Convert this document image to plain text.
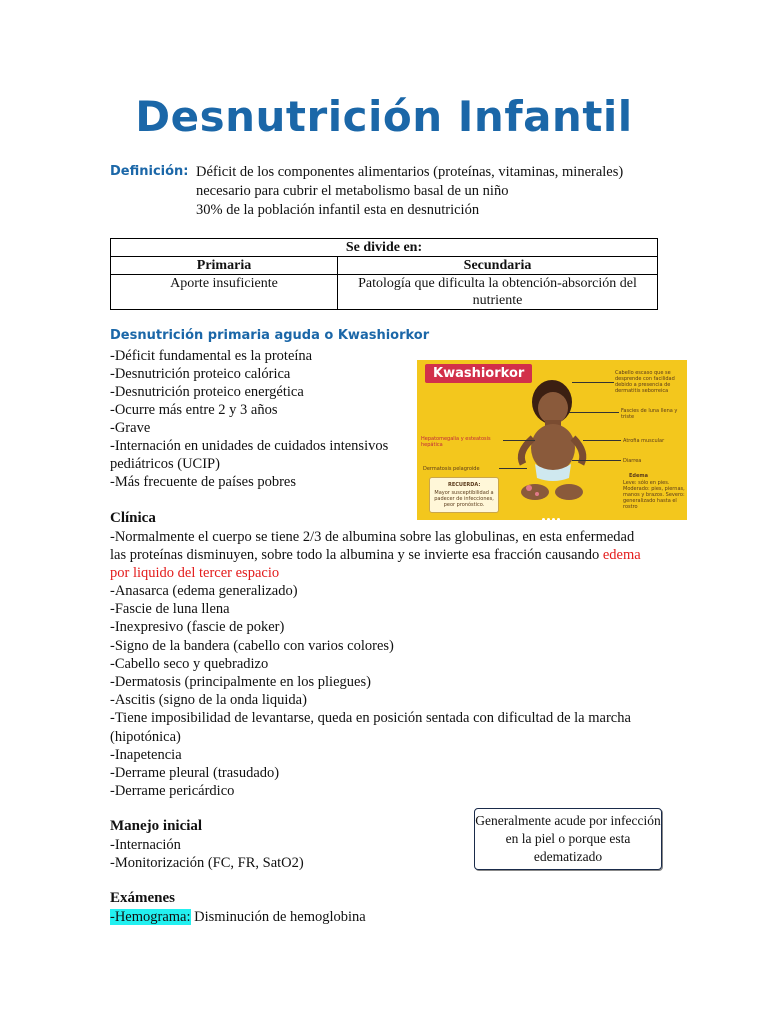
Desnutrición Infantil
Definición: Déficit de los componentes alimentarios (proteínas, vitaminas, minerales)
necesario para cubrir el metabolismo basal de un niño
30% de la población infantil esta en desnutrición
Se divide en:	
Primaria	Secundaria
Aporte insuficiente	Patología que dificulta la obtención-absorción del nutriente
Desnutrición primaria aguda o Kwashiorkor
-Déficit fundamental es la proteína
-Desnutrición proteico calórica
-Desnutrición proteico energética
-Ocurre más entre 2 y 3 años
-Grave
-Internación en unidades de cuidados intensivos pediátricos (UCIP)
-Más frecuente de países pobres
Kwashiorkor	Cabello escaso que se desprende con facilidad debido a presencia de dermatitis seborreica
Fascies de luna llena y triste
Hepatomegalia y esteatosis hepática
Atrofia muscular
Diarrea
Dermatosis pelagroide
Edema
Leve: sólo en pies. Moderado: pies, piernas, manos y brazos. Severo: generalizado hasta el rostro
RECUERDA:
Mayor susceptibilidad a padecer de infecciones, peor pronóstico.
Clínica
-Normalmente el cuerpo se tiene 2/3 de albumina sobre las globulinas, en esta enfermedad las proteínas disminuyen, sobre todo la albumina y se invierte esa fracción causando edema por liquido del tercer espacio
-Anasarca (edema generalizado)
-Fascie de luna llena
-Inexpresivo (fascie de poker)
-Signo de la bandera (cabello con varios colores)
-Cabello seco y quebradizo
-Dermatosis (principalmente en los pliegues)
-Ascitis (signo de la onda liquida)
-Tiene imposibilidad de levantarse, queda en posición sentada con dificultad de la marcha (hipotónica)
-Inapetencia
-Derrame pleural (trasudado)
-Derrame pericárdico
Generalmente acude por infección en la piel o porque esta edematizado
Manejo inicial
-Internación
-Monitorización (FC, FR, SatO2)
Exámenes
-Hemograma: Disminución de hemoglobina
